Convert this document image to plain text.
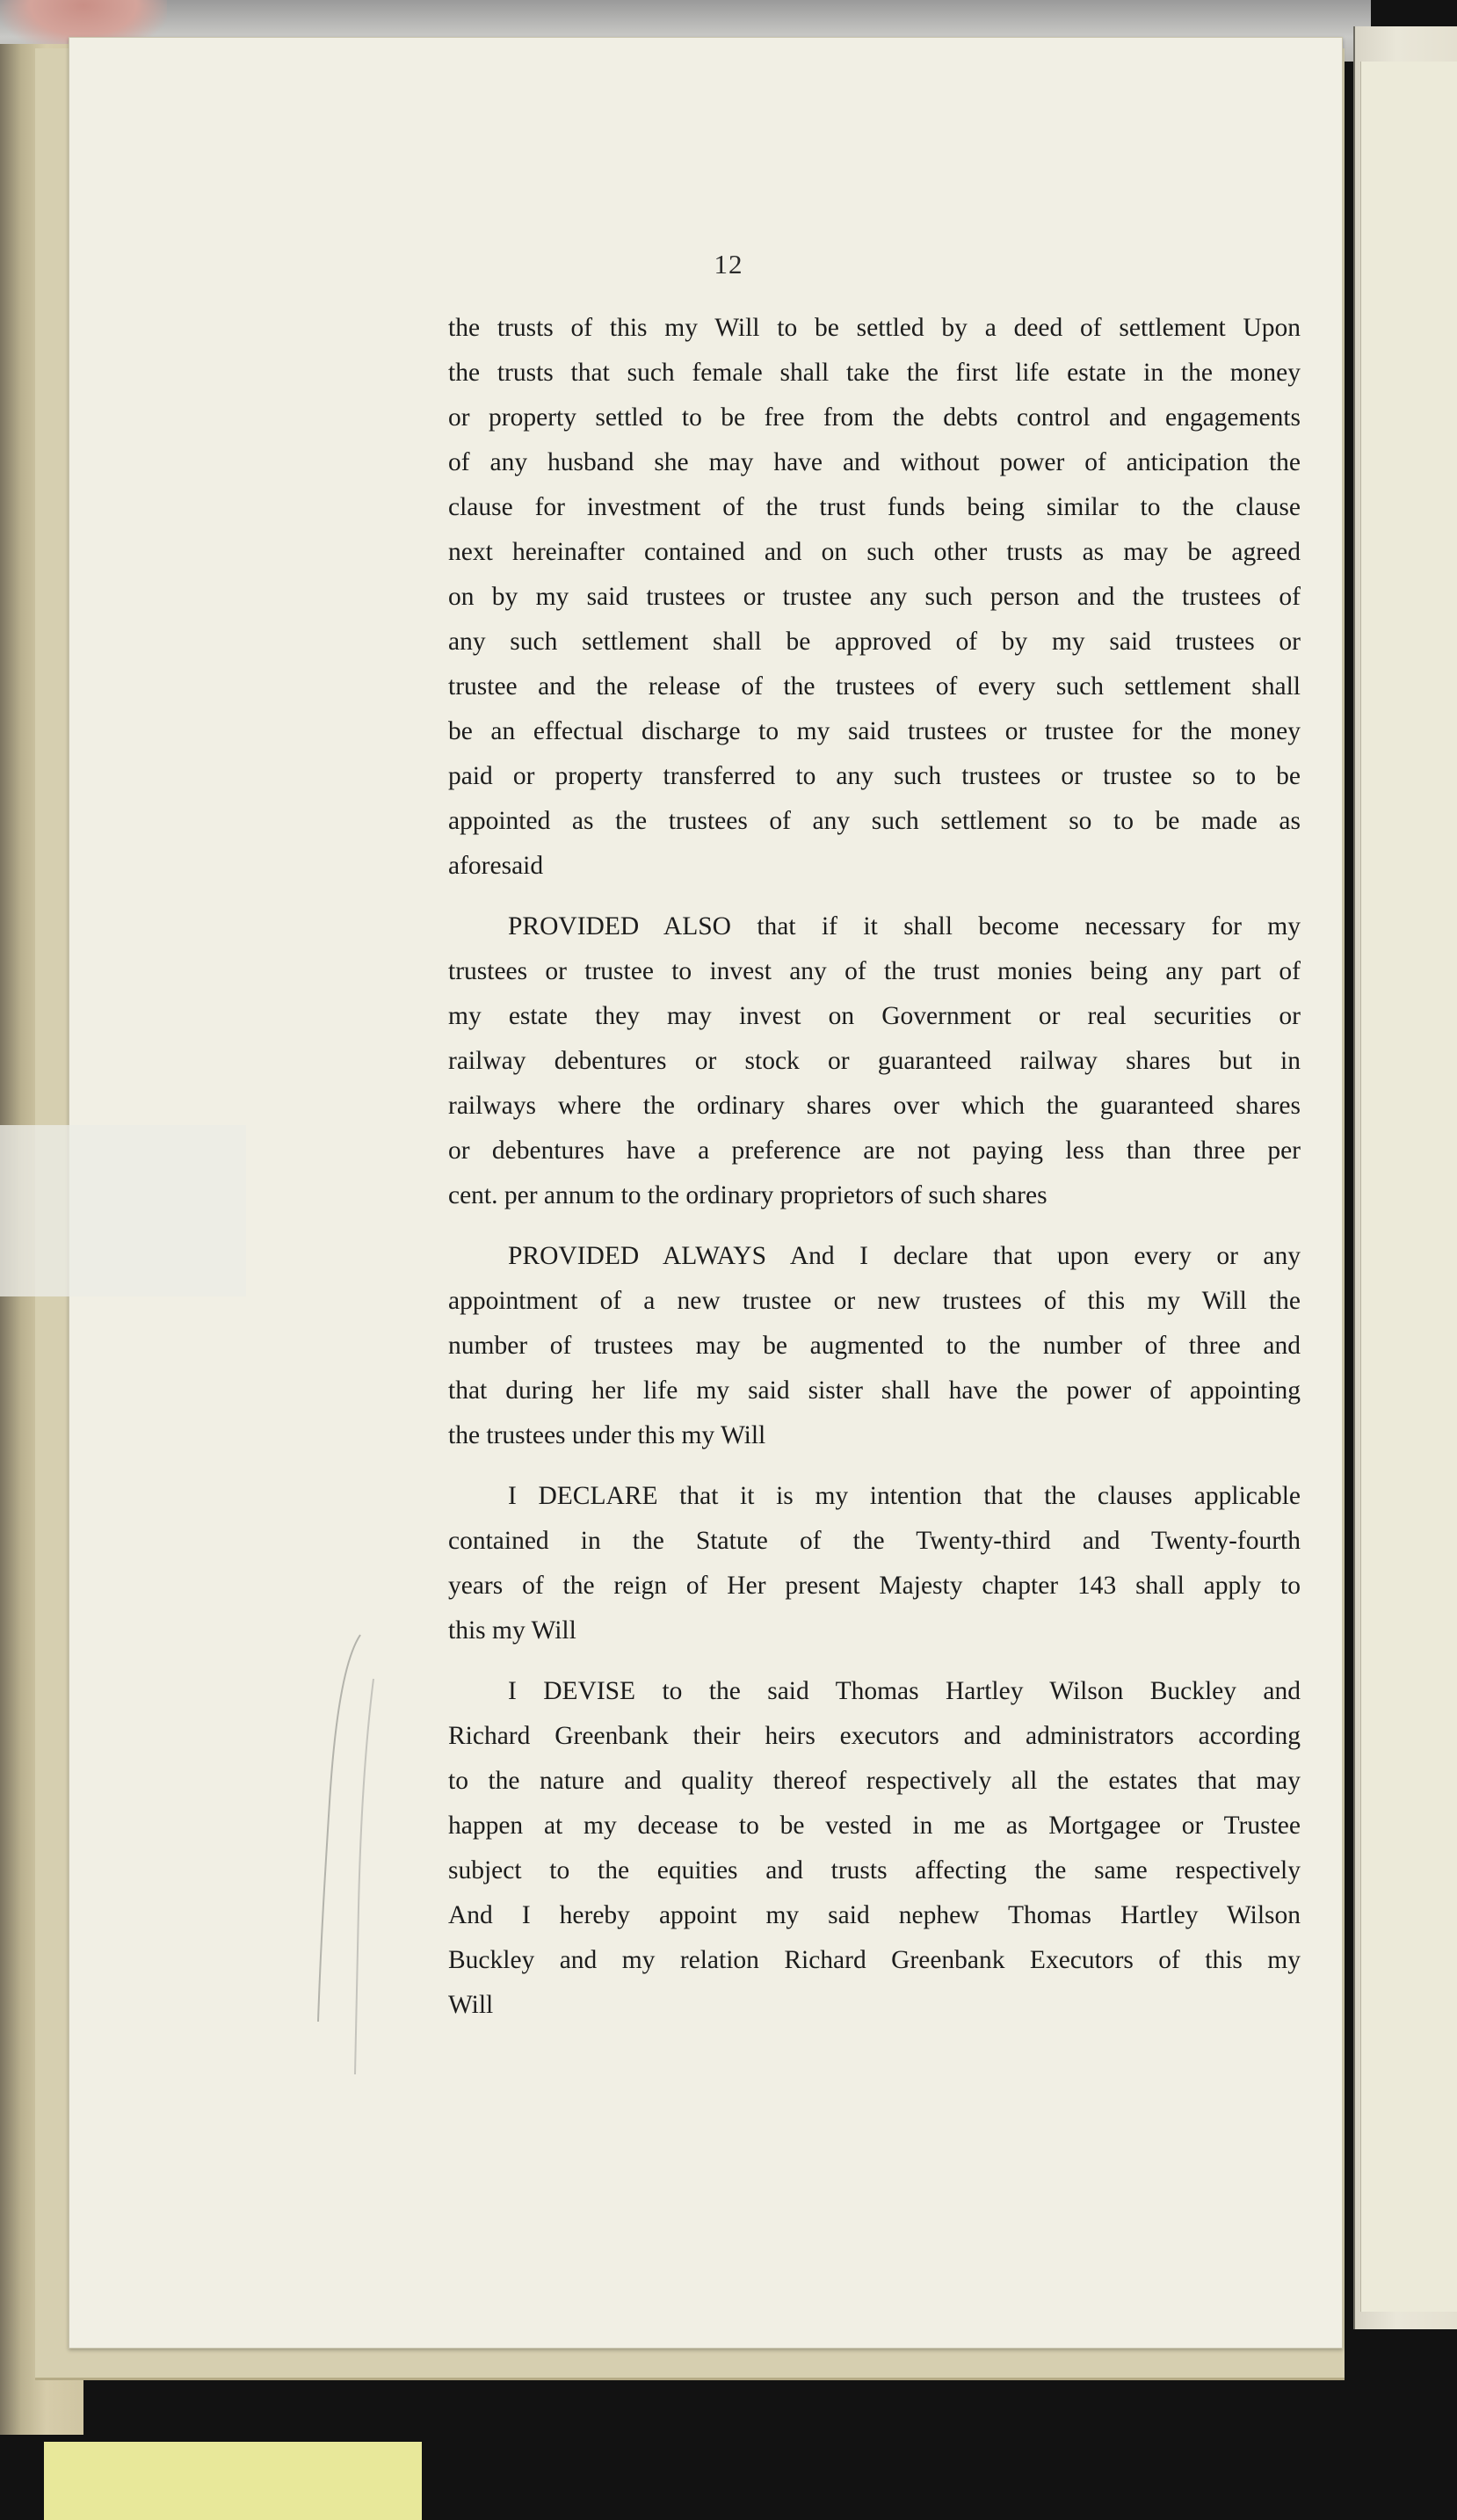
12
the trusts of this my Will to be settled by a deed of settlement Upon
the trusts that such female shall take the first life estate in the money
or property settled to be free from the debts control and engagements
of any husband she may have and without power of anticipation the
clause for investment of the trust funds being similar to the clause
next hereinafter contained and on such other trusts as may be agreed
on by my said trustees or trustee any such person and the trustees of
any such settlement shall be approved of by my said trustees or
trustee and the release of the trustees of every such settlement shall
be an effectual discharge to my said trustees or trustee for the money
paid or property transferred to any such trustees or trustee so to be
appointed as the trustees of any such settlement so to be made as
aforesaid
PROVIDED ALSO that if it shall become necessary for my
trustees or trustee to invest any of the trust monies being any part of
my estate they may invest on Government or real securities or
railway debentures or stock or guaranteed railway shares but in
railways where the ordinary shares over which the guaranteed shares
or debentures have a preference are not paying less than three per
cent. per annum to the ordinary proprietors of such shares
PROVIDED ALWAYS And I declare that upon every or any
appointment of a new trustee or new trustees of this my Will the
number of trustees may be augmented to the number of three and
that during her life my said sister shall have the power of appointing
the trustees under this my Will
I DECLARE that it is my intention that the clauses applicable
contained in the Statute of the Twenty-third and Twenty-fourth
years of the reign of Her present Majesty chapter 143 shall apply to
this my Will
I DEVISE to the said Thomas Hartley Wilson Buckley and
Richard Greenbank their heirs executors and administrators according
to the nature and quality thereof respectively all the estates that may
happen at my decease to be vested in me as Mortgagee or Trustee
subject to the equities and trusts affecting the same respectively
And I hereby appoint my said nephew Thomas Hartley Wilson
Buckley and my relation Richard Greenbank Executors of this my
Will
